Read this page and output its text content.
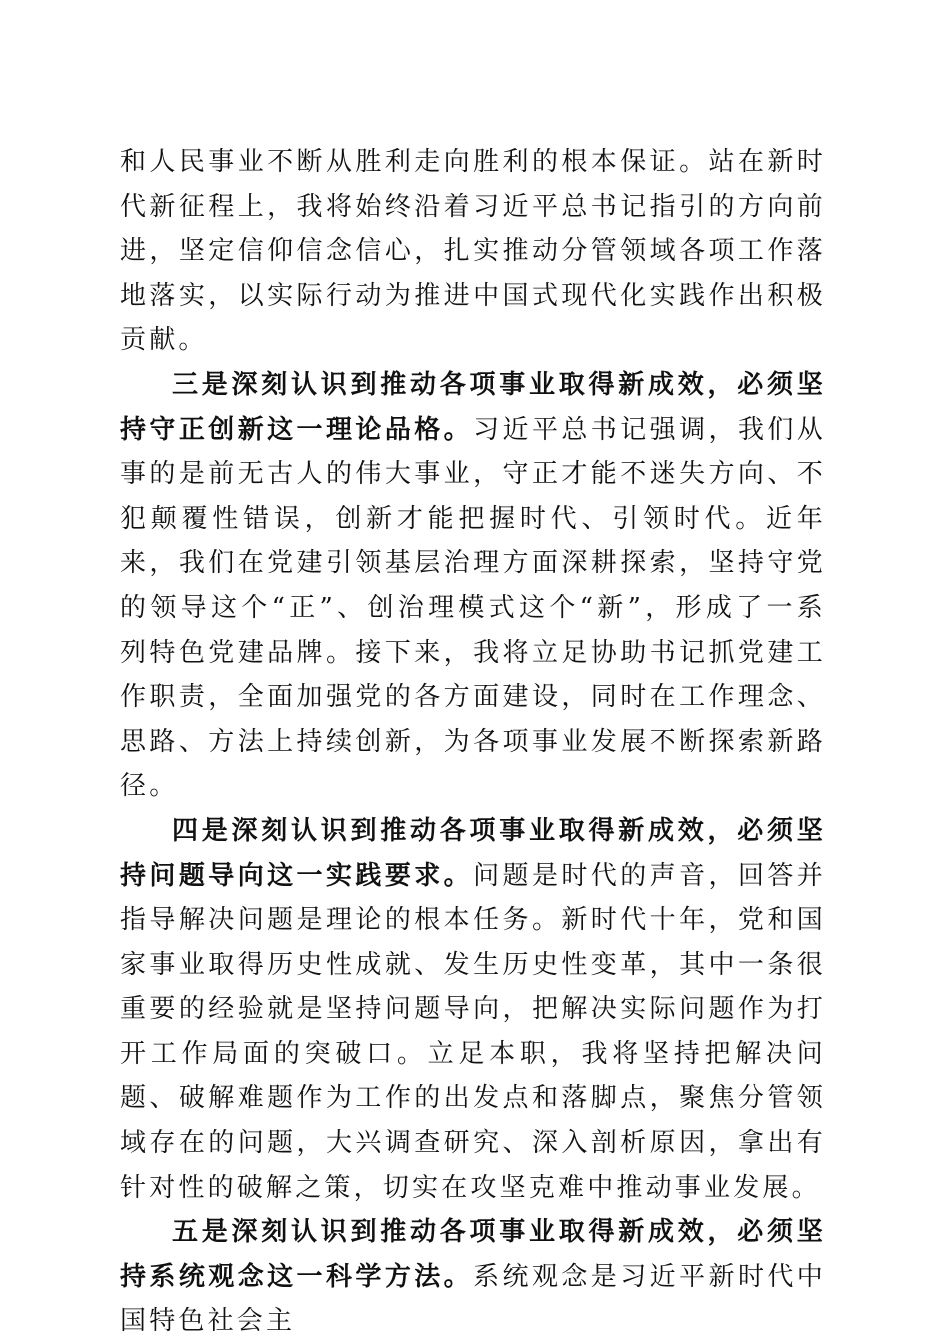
和人民事业不断从胜利走向胜利的根本保证。站在新时代新征程上，我将始终沿着习近平总书记指引的方向前进，坚定信仰信念信心，扎实推动分管领域各项工作落地落实，以实际行动为推进中国式现代化实践作出积极贡献。

三是深刻认识到推动各项事业取得新成效，必须坚持守正创新这一理论品格。习近平总书记强调，我们从事的是前无古人的伟大事业，守正才能不迷失方向、不犯颠覆性错误，创新才能把握时代、引领时代。近年来，我们在党建引领基层治理方面深耕探索，坚持守党的领导这个“正”、创治理模式这个“新”，形成了一系列特色党建品牌。接下来，我将立足协助书记抓党建工作职责，全面加强党的各方面建设，同时在工作理念、思路、方法上持续创新，为各项事业发展不断探索新路径。

四是深刻认识到推动各项事业取得新成效，必须坚持问题导向这一实践要求。问题是时代的声音，回答并指导解决问题是理论的根本任务。新时代十年，党和国家事业取得历史性成就、发生历史性变革，其中一条很重要的经验就是坚持问题导向，把解决实际问题作为打开工作局面的突破口。立足本职，我将坚持把解决问题、破解难题作为工作的出发点和落脚点，聚焦分管领域存在的问题，大兴调查研究、深入剖析原因，拿出有针对性的破解之策，切实在攻坚克难中推动事业发展。

五是深刻认识到推动各项事业取得新成效，必须坚持系统观念这一科学方法。系统观念是习近平新时代中国特色社会主
